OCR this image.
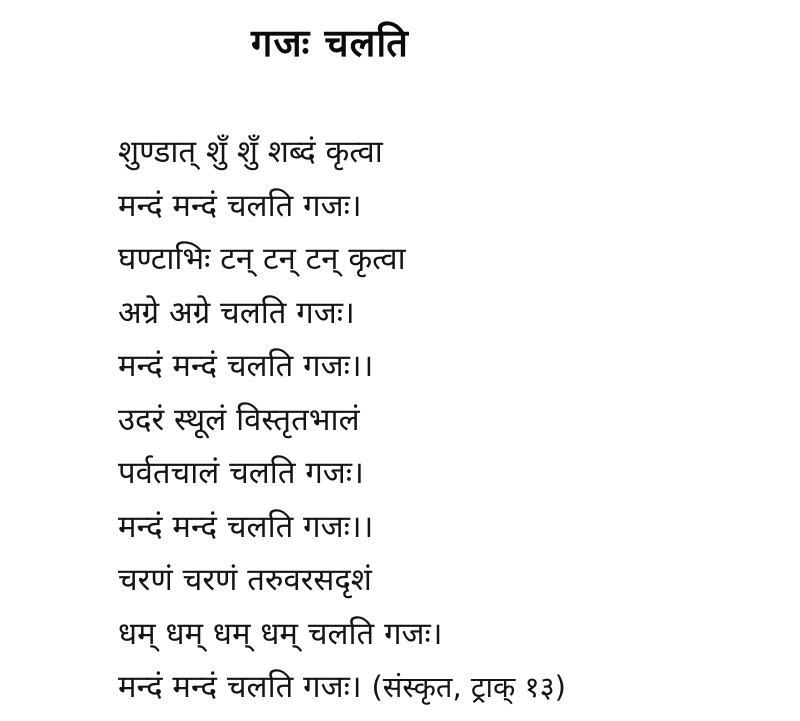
गजः चलति
शुण्डात् शुँ शुँ शब्दं कृत्वा
मन्दं मन्दं चलति गजः।
घण्टाभिः टन् टन् टन् कृत्वा
अग्रे अग्रे चलति गजः।
मन्दं मन्दं चलति गजः।।
उदरं स्थूलं विस्तृतभालं
पर्वतचालं चलति गजः।
मन्दं मन्दं चलति गजः।।
चरणं चरणं तरुवरसदृशं
धम् धम् धम् धम् चलति गजः।
मन्दं मन्दं चलति गजः। (संस्कृत, ट्राक् १३)
